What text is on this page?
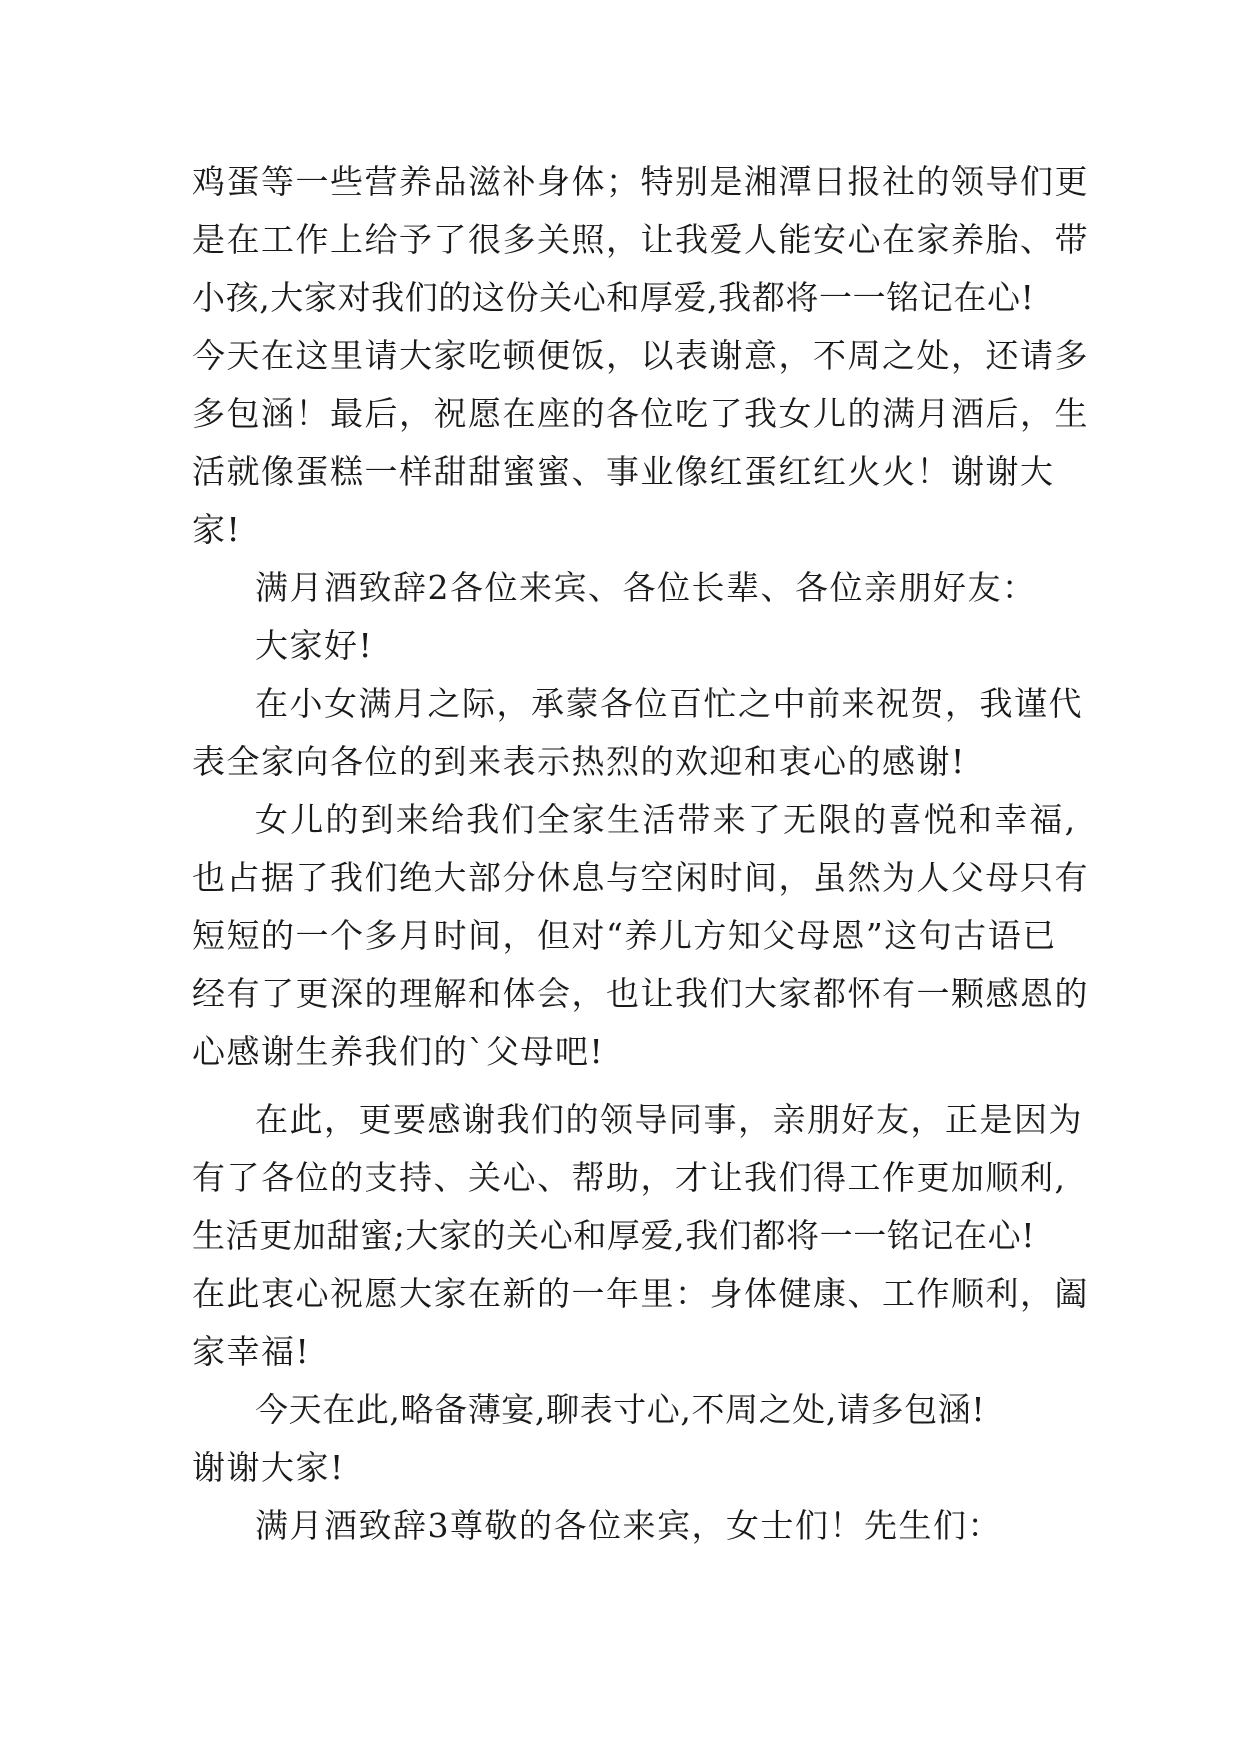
鸡蛋等一些营养品滋补身体；特别是湘潭日报社的领导们更
是在工作上给予了很多关照，让我爱人能安心在家养胎、带
小孩,大家对我们的这份关心和厚爱,我都将一一铭记在心!
今天在这里请大家吃顿便饭，以表谢意，不周之处，还请多
多包涵！最后，祝愿在座的各位吃了我女儿的满月酒后，生
活就像蛋糕一样甜甜蜜蜜、事业像红蛋红红火火！谢谢大
家!
满月酒致辞2各位来宾、各位长辈、各位亲朋好友：
大家好!
在小女满月之际，承蒙各位百忙之中前来祝贺，我谨代
表全家向各位的到来表示热烈的欢迎和衷心的感谢!
女儿的到来给我们全家生活带来了无限的喜悦和幸福,
也占据了我们绝大部分休息与空闲时间，虽然为人父母只有
短短的一个多月时间，但对“养儿方知父母恩”这句古语已
经有了更深的理解和体会，也让我们大家都怀有一颗感恩的
心感谢生养我们的`父母吧!
在此，更要感谢我们的领导同事，亲朋好友，正是因为
有了各位的支持、关心、帮助，才让我们得工作更加顺利,
生活更加甜蜜;大家的关心和厚爱,我们都将一一铭记在心!
在此衷心祝愿大家在新的一年里：身体健康、工作顺利，阖
家幸福!
今天在此,略备薄宴,聊表寸心,不周之处,请多包涵!
谢谢大家!
满月酒致辞3尊敬的各位来宾，女士们！先生们：
